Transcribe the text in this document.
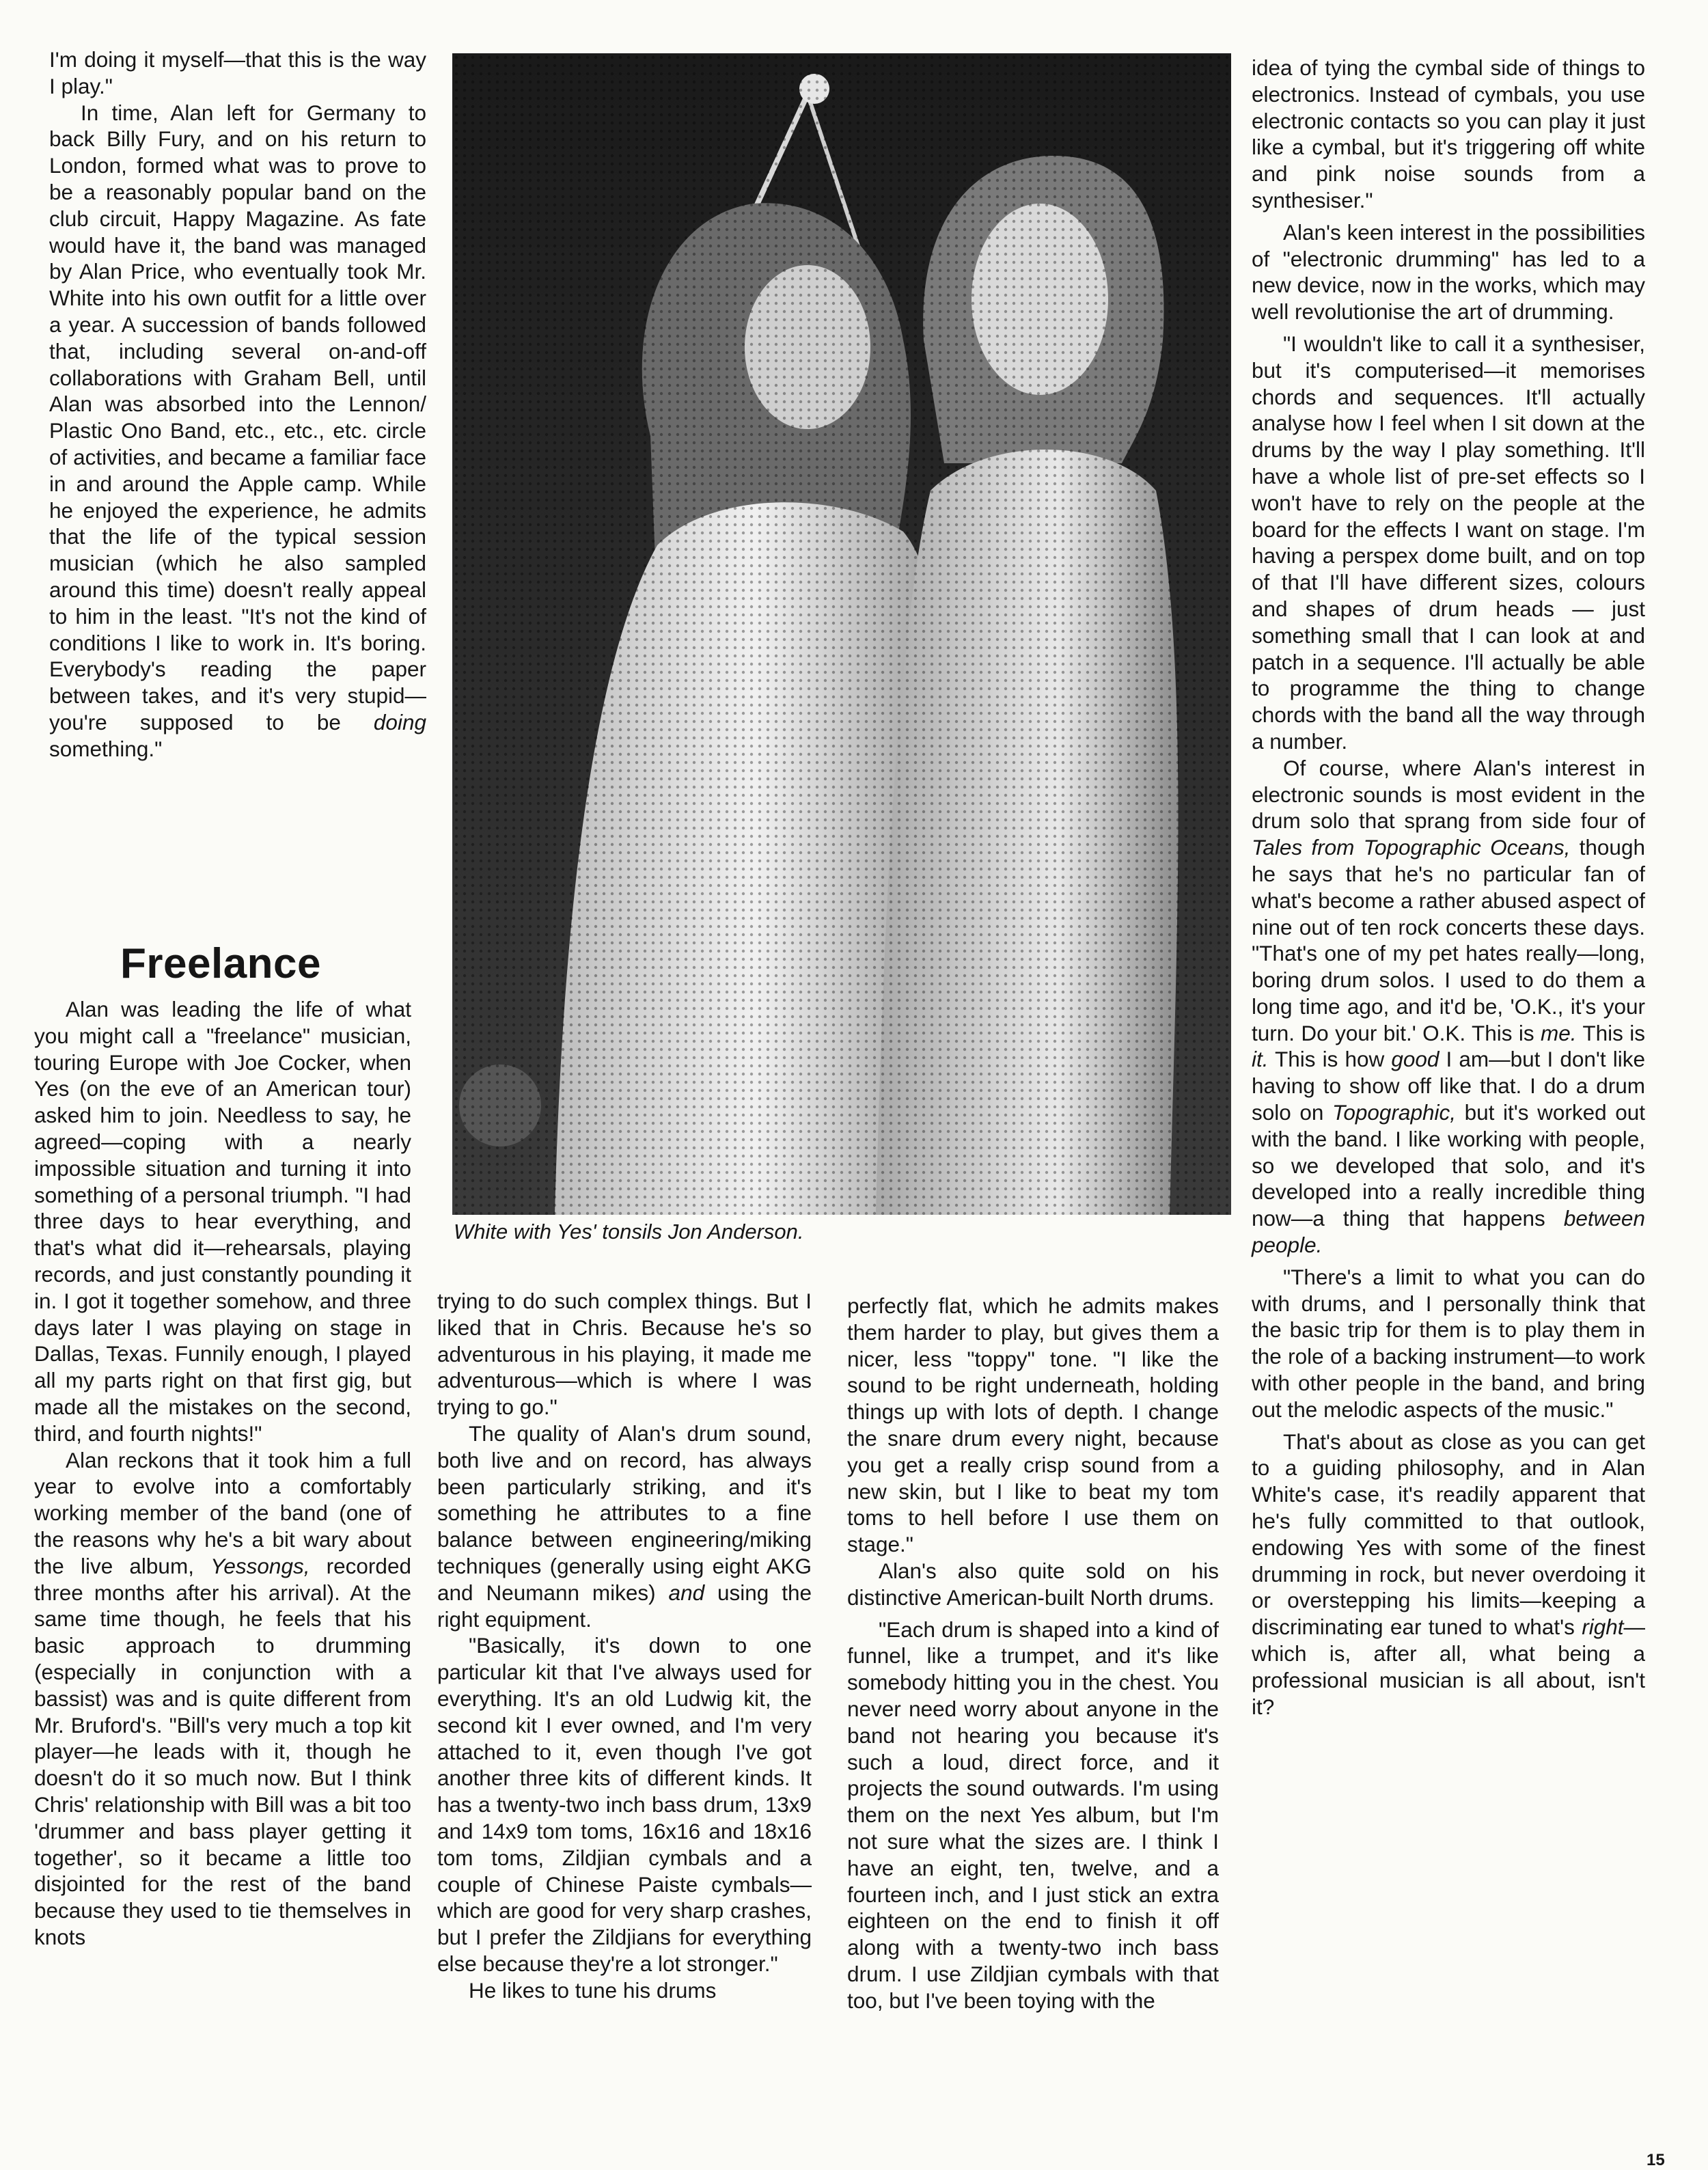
I'm doing it myself—that this is the way I play."

In time, Alan left for Germany to back Billy Fury, and on his return to London, formed what was to prove to be a reasonably popular band on the club circuit, Happy Magazine. As fate would have it, the band was managed by Alan Price, who eventually took Mr. White into his own outfit for a little over a year. A succession of bands followed that, including several on-and-off collaborations with Graham Bell, until Alan was absorbed into the Lennon/ Plastic Ono Band, etc., etc., etc. circle of activities, and became a familiar face in and around the Apple camp. While he enjoyed the experience, he admits that the life of the typical session musician (which he also sampled around this time) doesn't really appeal to him in the least. "It's not the kind of conditions I like to work in. It's boring. Everybody's reading the paper between takes, and it's very stupid—you're supposed to be doing something."

Freelance

Alan was leading the life of what you might call a "freelance" musician, touring Europe with Joe Cocker, when Yes (on the eve of an American tour) asked him to join. Needless to say, he agreed—coping with a nearly impossible situation and turning it into something of a personal triumph. "I had three days to hear everything, and that's what did it—rehearsals, playing records, and just constantly pounding it in. I got it together somehow, and three days later I was playing on stage in Dallas, Texas. Funnily enough, I played all my parts right on that first gig, but made all the mistakes on the second, third, and fourth nights!"

Alan reckons that it took him a full year to evolve into a comfortably working member of the band (one of the reasons why he's a bit wary about the live album, Yessongs, recorded three months after his arrival). At the same time though, he feels that his basic approach to drumming (especially in conjunction with a bassist) was and is quite different from Mr. Bruford's. "Bill's very much a top kit player—he leads with it, though he doesn't do it so much now. But I think Chris' relationship with Bill was a bit too 'drummer and bass player getting it together', so it became a little too disjointed for the rest of the band because they used to tie themselves in knots

White with Yes' tonsils Jon Anderson.

trying to do such complex things. But I liked that in Chris. Because he's so adventurous in his playing, it made me adventurous—which is where I was trying to go."

The quality of Alan's drum sound, both live and on record, has always been particularly striking, and it's something he attributes to a fine balance between engineering/miking techniques (generally using eight AKG and Neumann mikes) and using the right equipment.

"Basically, it's down to one particular kit that I've always used for everything. It's an old Ludwig kit, the second kit I ever owned, and I'm very attached to it, even though I've got another three kits of different kinds. It has a twenty-two inch bass drum, 13x9 and 14x9 tom toms, 16x16 and 18x16 tom toms, Zildjian cymbals and a couple of Chinese Paiste cymbals—which are good for very sharp crashes, but I prefer the Zildjians for everything else because they're a lot stronger."

He likes to tune his drums

perfectly flat, which he admits makes them harder to play, but gives them a nicer, less "toppy" tone. "I like the sound to be right underneath, holding things up with lots of depth. I change the snare drum every night, because you get a really crisp sound from a new skin, but I like to beat my tom toms to hell before I use them on stage."

Alan's also quite sold on his distinctive American-built North drums.

"Each drum is shaped into a kind of funnel, like a trumpet, and it's like somebody hitting you in the chest. You never need worry about anyone in the band not hearing you because it's such a loud, direct force, and it projects the sound outwards. I'm using them on the next Yes album, but I'm not sure what the sizes are. I think I have an eight, ten, twelve, and a fourteen inch, and I just stick an extra eighteen on the end to finish it off along with a twenty-two inch bass drum. I use Zildjian cymbals with that too, but I've been toying with the

idea of tying the cymbal side of things to electronics. Instead of cymbals, you use electronic contacts so you can play it just like a cymbal, but it's triggering off white and pink noise sounds from a synthesiser."

Alan's keen interest in the possibilities of "electronic drumming" has led to a new device, now in the works, which may well revolutionise the art of drumming.

"I wouldn't like to call it a synthesiser, but it's computerised—it memorises chords and sequences. It'll actually analyse how I feel when I sit down at the drums by the way I play something. It'll have a whole list of pre-set effects so I won't have to rely on the people at the board for the effects I want on stage. I'm having a perspex dome built, and on top of that I'll have different sizes, colours and shapes of drum heads — just something small that I can look at and patch in a sequence. I'll actually be able to programme the thing to change chords with the band all the way through a number.

Of course, where Alan's interest in electronic sounds is most evident in the drum solo that sprang from side four of Tales from Topographic Oceans, though he says that he's no particular fan of what's become a rather abused aspect of nine out of ten rock concerts these days. "That's one of my pet hates really—long, boring drum solos. I used to do them a long time ago, and it'd be, 'O.K., it's your turn. Do your bit.' O.K. This is me. This is it. This is how good I am—but I don't like having to show off like that. I do a drum solo on Topographic, but it's worked out with the band. I like working with people, so we developed that solo, and it's developed into a really incredible thing now—a thing that happens between people.

"There's a limit to what you can do with drums, and I personally think that the basic trip for them is to play them in the role of a backing instrument—to work with other people in the band, and bring out the melodic aspects of the music."

That's about as close as you can get to a guiding philosophy, and in Alan White's case, it's readily apparent that he's fully committed to that outlook, endowing Yes with some of the finest drumming in rock, but never overdoing it or overstepping his limits—keeping a discriminating ear tuned to what's right—which is, after all, what being a professional musician is all about, isn't it?

15
